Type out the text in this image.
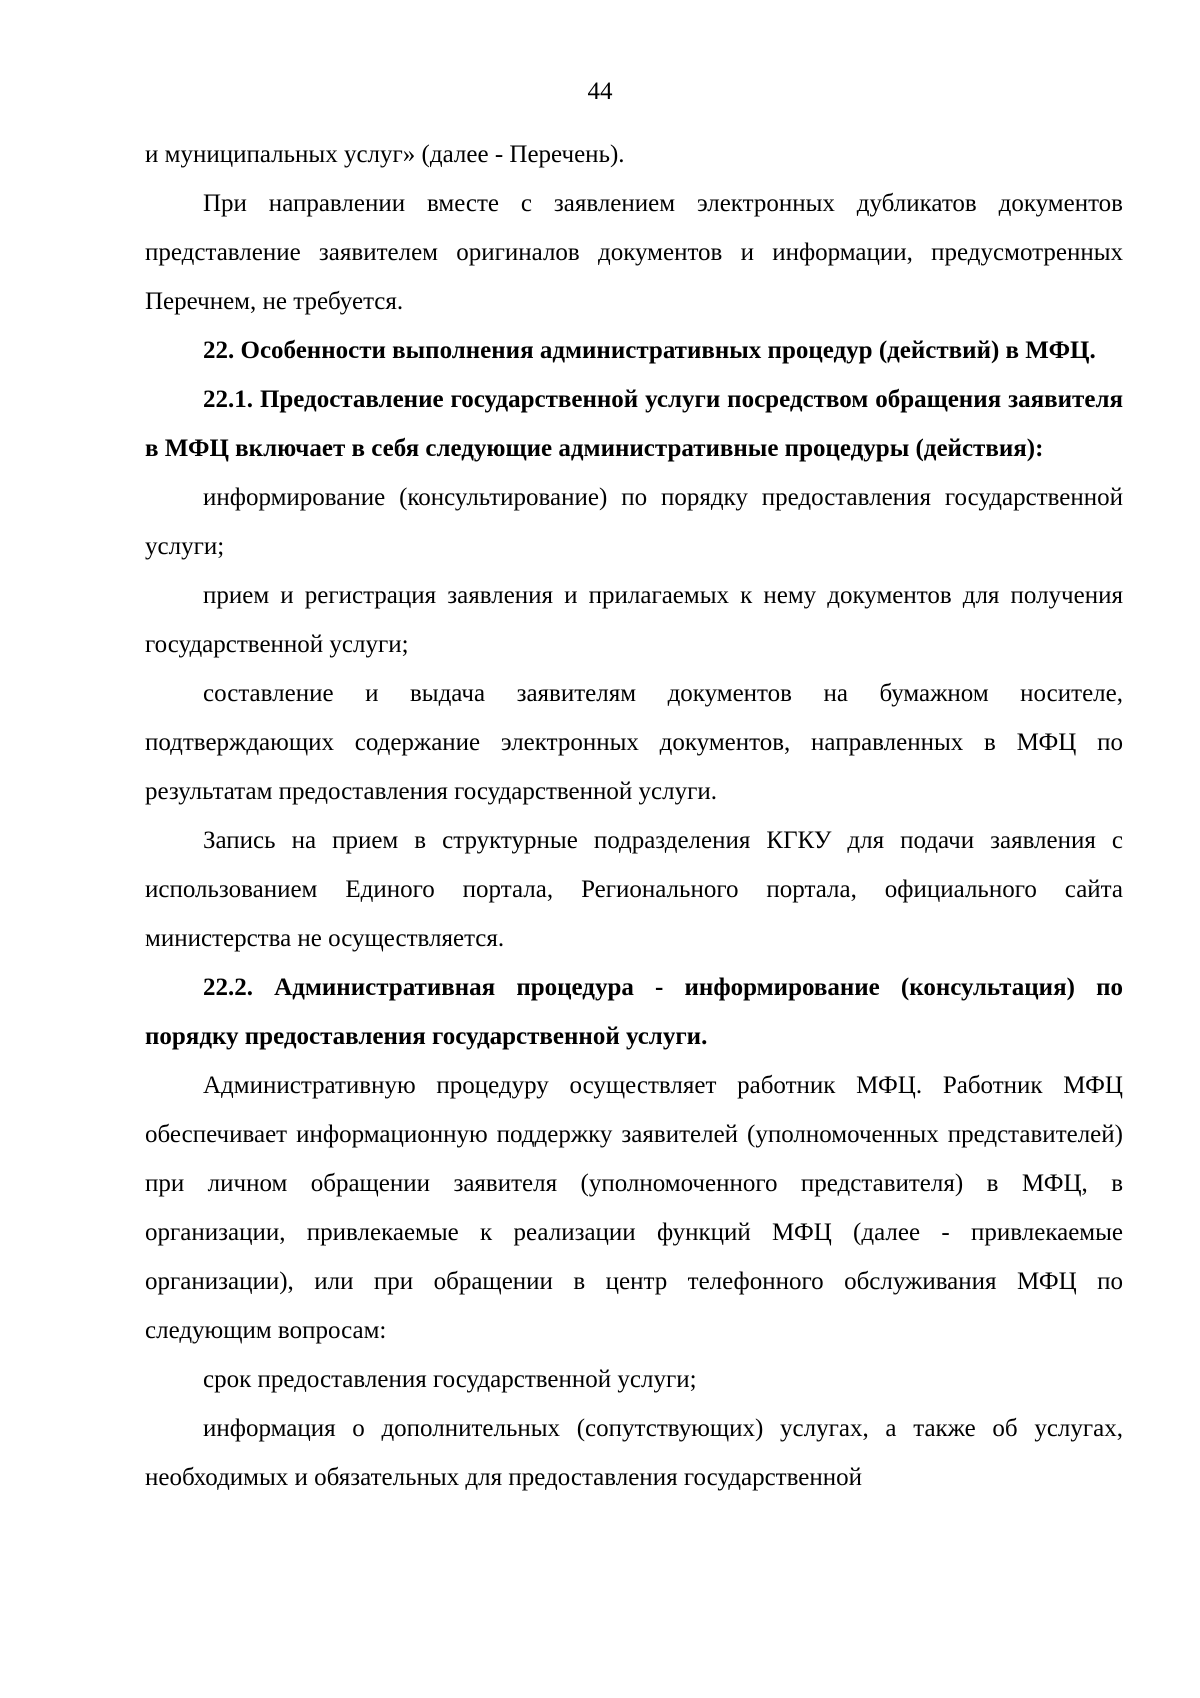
44

и муниципальных услуг» (далее - Перечень).

При направлении вместе с заявлением электронных дубликатов документов представление заявителем оригиналов документов и информации, предусмотренных Перечнем, не требуется.

22. Особенности выполнения административных процедур (действий) в МФЦ.

22.1. Предоставление государственной услуги посредством обращения заявителя в МФЦ включает в себя следующие административные процедуры (действия):

информирование (консультирование) по порядку предоставления государственной услуги;

прием и регистрация заявления и прилагаемых к нему документов для получения государственной услуги;

составление и выдача заявителям документов на бумажном носителе, подтверждающих содержание электронных документов, направленных в МФЦ по результатам предоставления государственной услуги.

Запись на прием в структурные подразделения КГКУ для подачи заявления с использованием Единого портала, Регионального портала, официального сайта министерства не осуществляется.

22.2. Административная процедура - информирование (консультация) по порядку предоставления государственной услуги.

Административную процедуру осуществляет работник МФЦ. Работник МФЦ обеспечивает информационную поддержку заявителей (уполномоченных представителей) при личном обращении заявителя (уполномоченного представителя) в МФЦ, в организации, привлекаемые к реализации функций МФЦ (далее - привлекаемые организации), или при обращении в центр телефонного обслуживания МФЦ по следующим вопросам:

срок предоставления государственной услуги;

информация о дополнительных (сопутствующих) услугах, а также об услугах, необходимых и обязательных для предоставления государственной
